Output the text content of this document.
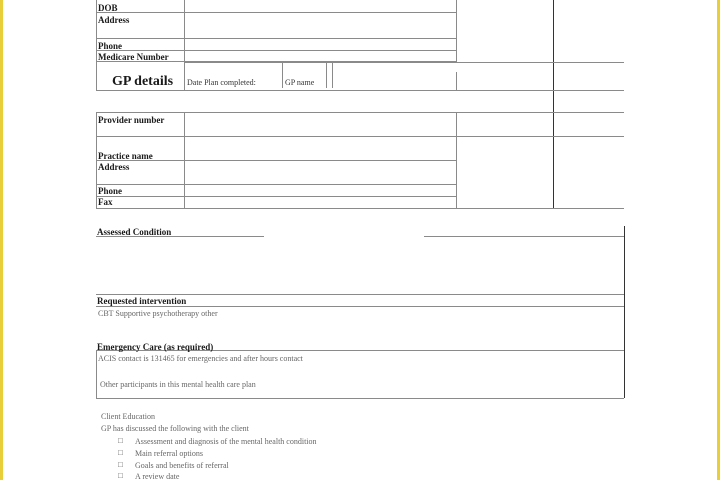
DOB
Address
Phone
Medicare Number
GP details Date Plan completed:	GP name
Provider number
Practice name
Address
Phone
Fax
Assessed Condition
Requested intervention
CBT Supportive psychotherapy other
Emergency Care (as required)
ACIS contact is 131465 for emergencies and after hours contact
Other participants in this mental health care plan
Client Education
GP has discussed the following with the client
□ Assessment and diagnosis of the mental health condition
□ Main referral options
□ Goals and benefits of referral
□ A review date
